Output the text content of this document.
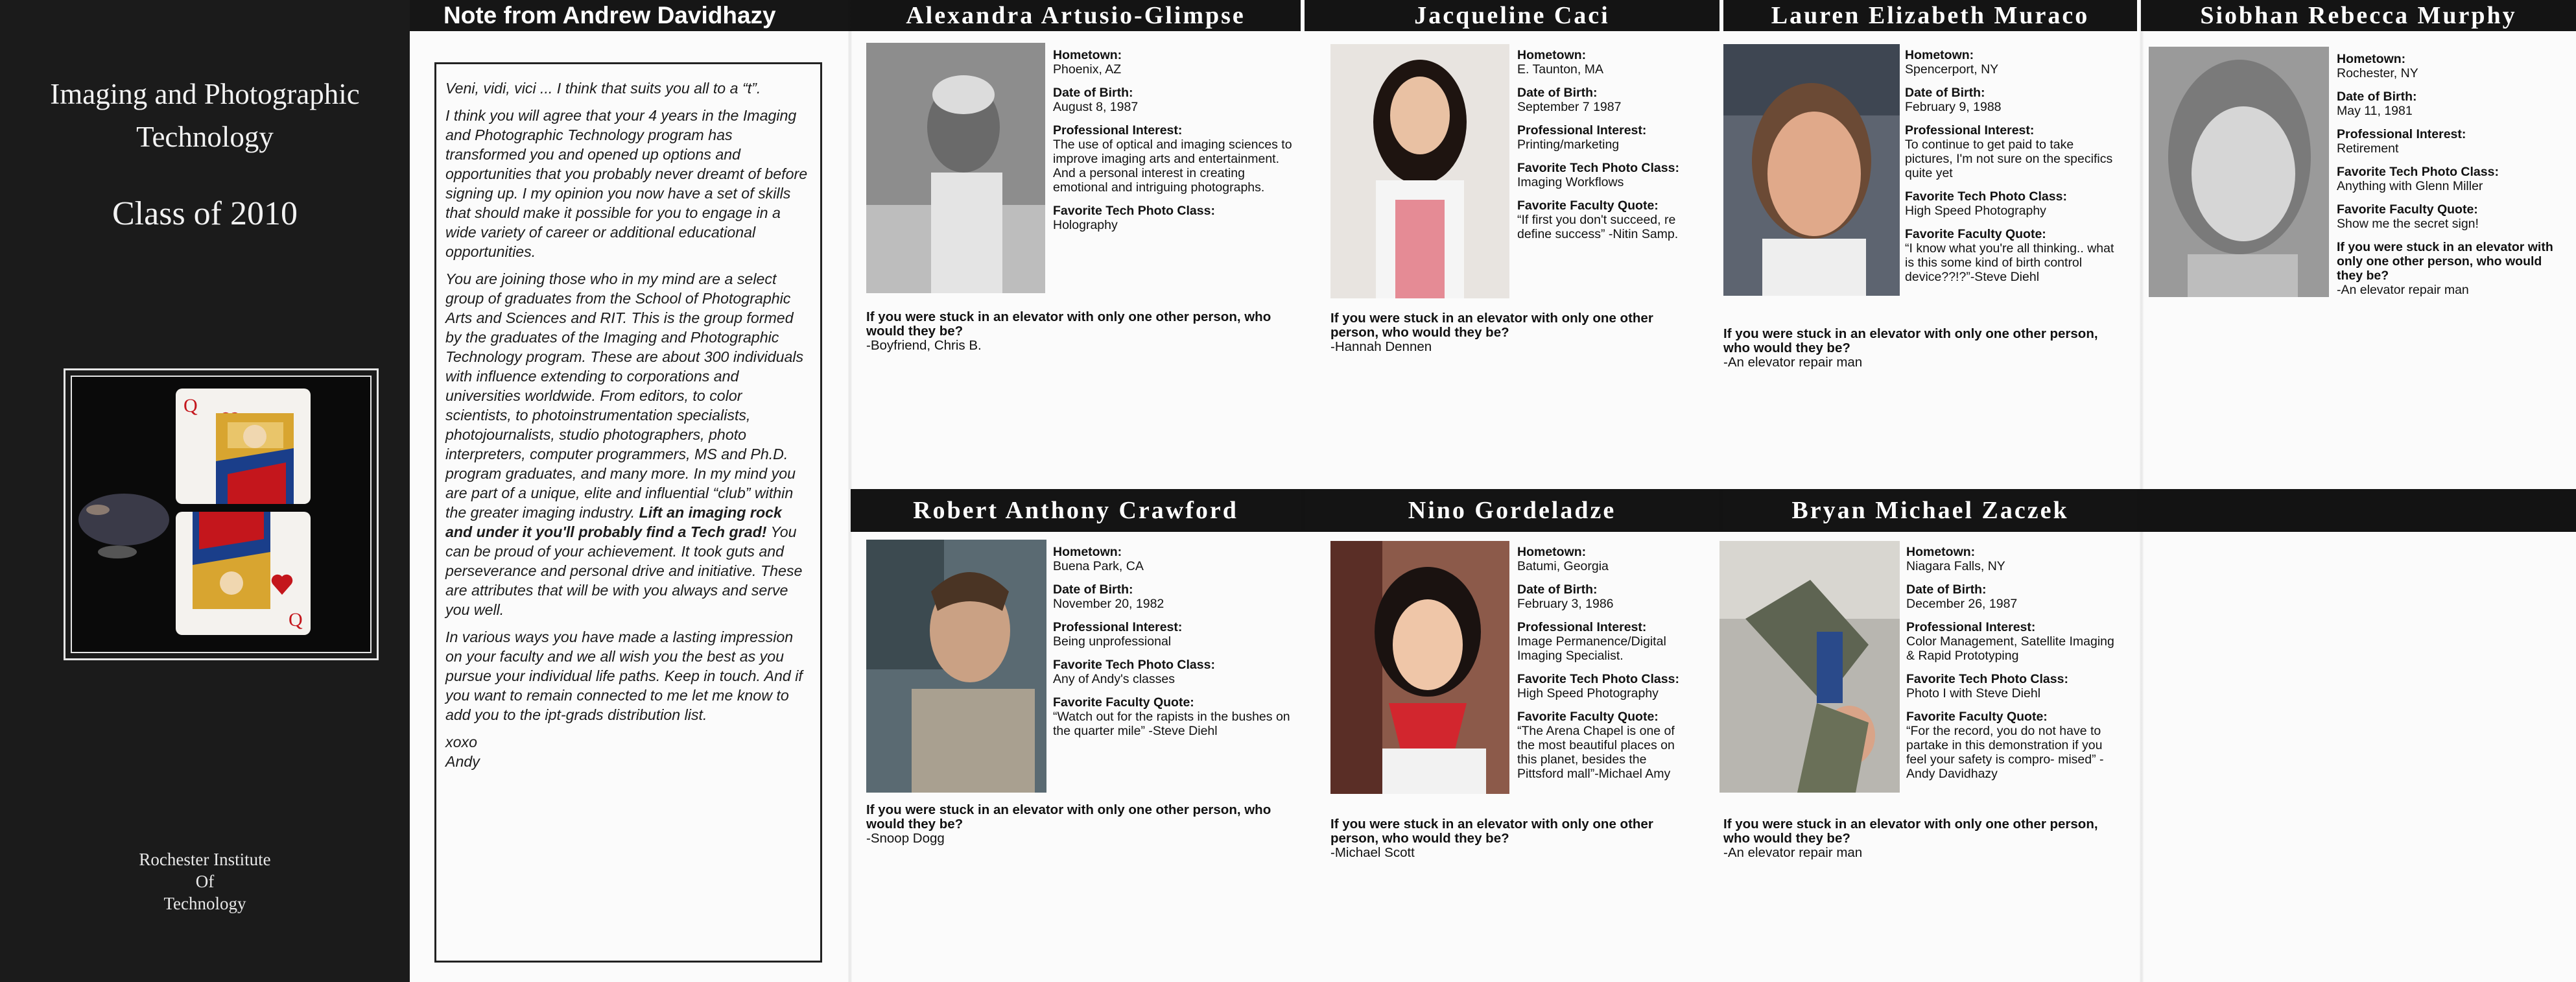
Imaging and Photographic
Technology
Class of 2010
Q
Q
Rochester Institute
Of
Technology
Note from Andrew Davidhazy

Veni, vidi, vici ... I think that suits you all to a “t”.

I think you will agree that your 4 years in the Imaging and Photographic Technology program has transformed you and opened up options and opportunities that you probably never dreamt of before signing up. I my opinion you now have a set of skills that should make it possible for you to engage in a wide variety of career or additional educational opportunities.

You are joining those who in my mind are a select group of graduates from the School of Photographic Arts and Sciences and RIT. This is the group formed by the graduates of the Imaging and Photographic Technology program. These are about 300 individuals with influence extending to corporations and universities worldwide. From editors, to color scientists, to photoinstrumentation specialists, photojournalists, studio photographers, photo interpreters, computer programmers, MS and Ph.D. program graduates, and many more. In my mind you are part of a unique, elite and influential “club” within the greater imaging industry. Lift an imaging rock and under it you'll probably find a Tech grad! You can be proud of your achievement. It took guts and perseverance and personal drive and initiative. These are attributes that will be with you always and serve you well.

In various ways you have made a lasting impression on your faculty and we all wish you the best as you pursue your individual life paths. Keep in touch. And if you want to remain connected to me let me know to add you to the ipt-grads distribution list.

xoxo
Andy
Alexandra Artusio-Glimpse	Jacqueline Caci	Lauren Elizabeth Muraco	Siobhan Rebecca Murphy
Hometown:
Phoenix, AZ
Date of Birth:
August 8, 1987
Professional Interest:
The use of optical and imaging sciences to improve imaging arts and entertainment. And a personal interest in creating emotional and intriguing photographs.
Favorite Tech Photo Class:
Holography
If you were stuck in an elevator with only one other person, who would they be?
-Boyfriend, Chris B.
Hometown:
E. Taunton, MA
Date of Birth:
September 7 1987
Professional Interest:
Printing/marketing
Favorite Tech Photo Class:
Imaging Workflows
Favorite Faculty Quote:
“If first you don't succeed, re define success” -Nitin Samp.
If you were stuck in an elevator with only one other person, who would they be?
-Hannah Dennen
Hometown:
Spencerport, NY
Date of Birth:
February 9, 1988
Professional Interest:
To continue to get paid to take pictures, I'm not sure on the specifics quite yet
Favorite Tech Photo Class:
High Speed Photography
Favorite Faculty Quote:
“I know what you're all thinking.. what is this some kind of birth control device??!?”-Steve Diehl
If you were stuck in an elevator with only one other person, who would they be?
-An elevator repair man
Hometown:
Rochester, NY
Date of Birth:
May 11, 1981
Professional Interest:
Retirement
Favorite Tech Photo Class:
Anything with Glenn Miller
Favorite Faculty Quote:
Show me the secret sign!
If you were stuck in an elevator with only one other person, who would they be?
-An elevator repair man
Robert Anthony Crawford	Nino Gordeladze	Bryan Michael Zaczek
Hometown:
Buena Park, CA
Date of Birth:
November 20, 1982
Professional Interest:
Being unprofessional
Favorite Tech Photo Class:
Any of Andy's classes
Favorite Faculty Quote:
“Watch out for the rapists in the bushes on the quarter mile” -Steve Diehl
If you were stuck in an elevator with only one other person, who would they be?
-Snoop Dogg
Hometown:
Batumi, Georgia
Date of Birth:
February 3, 1986
Professional Interest:
Image Permanence/Digital Imaging Specialist.
Favorite Tech Photo Class:
High Speed Photography
Favorite Faculty Quote:
“The Arena Chapel is one of the most beautiful places on this planet, besides the Pittsford mall”-Michael Amy
If you were stuck in an elevator with only one other person, who would they be?
-Michael Scott
Hometown:
Niagara Falls, NY
Date of Birth:
December 26, 1987
Professional Interest:
Color Management, Satellite Imaging & Rapid Prototyping
Favorite Tech Photo Class:
Photo I with Steve Diehl
Favorite Faculty Quote:
“For the record, you do not have to partake in this demonstration if you feel your safety is compro- mised” -Andy Davidhazy
If you were stuck in an elevator with only one other person, who would they be?
-An elevator repair man
